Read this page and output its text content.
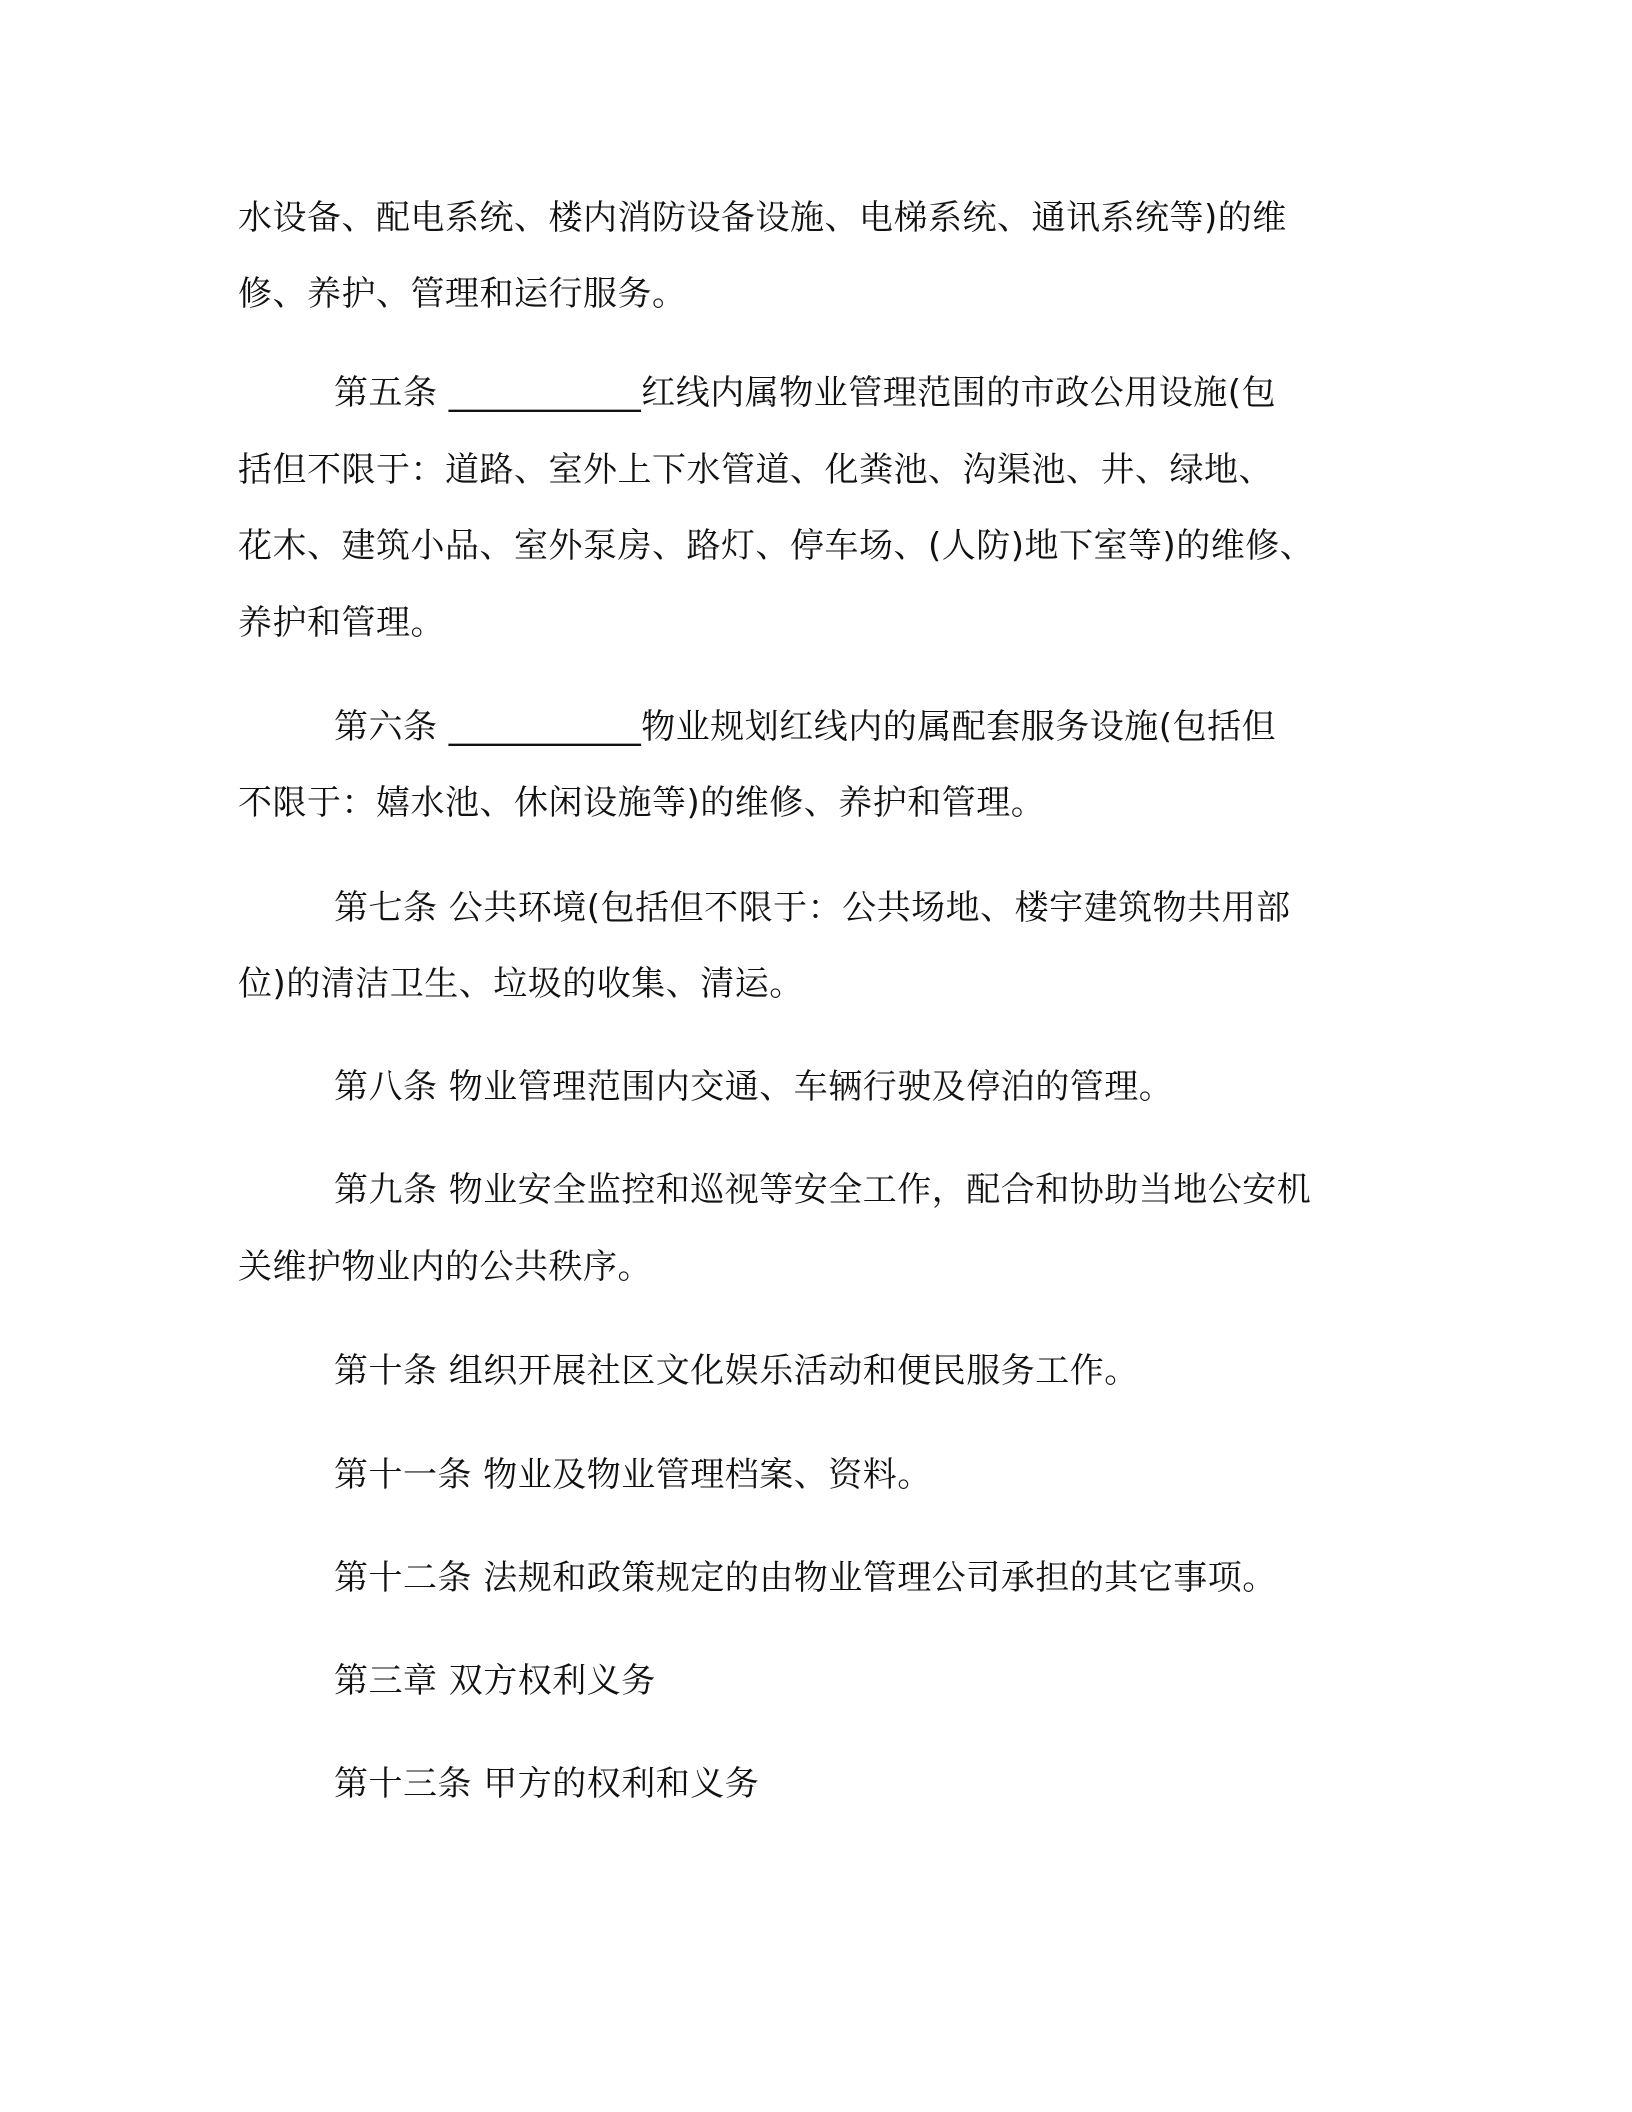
水设备、配电系统、楼内消防设备设施、电梯系统、通讯系统等)的维
修、养护、管理和运行服务。
第五条 ___________红线内属物业管理范围的市政公用设施(包
括但不限于：道路、室外上下水管道、化粪池、沟渠池、井、绿地、
花木、建筑小品、室外泵房、路灯、停车场、(人防)地下室等)的维修、
养护和管理。
第六条 ___________物业规划红线内的属配套服务设施(包括但
不限于：嬉水池、休闲设施等)的维修、养护和管理。
第七条 公共环境(包括但不限于：公共场地、楼宇建筑物共用部
位)的清洁卫生、垃圾的收集、清运。
第八条 物业管理范围内交通、车辆行驶及停泊的管理。
第九条 物业安全监控和巡视等安全工作，配合和协助当地公安机
关维护物业内的公共秩序。
第十条 组织开展社区文化娱乐活动和便民服务工作。
第十一条 物业及物业管理档案、资料。
第十二条 法规和政策规定的由物业管理公司承担的其它事项。
第三章 双方权利义务
第十三条 甲方的权利和义务
